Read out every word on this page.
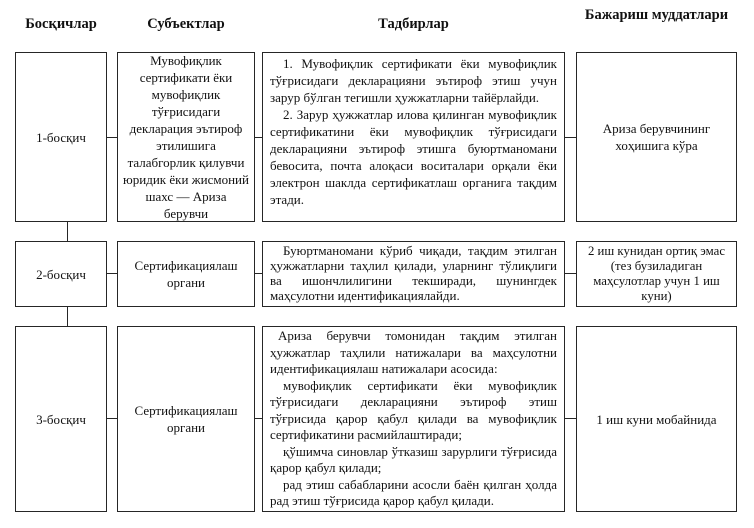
Босқичлар	Субъектлар	Тадбирлар
Бажариш муддатлари
1-босқич
Мувофиқлик сертификати ёки мувофиқлик тўғрисидаги декларация эътироф этилишига талабгорлик қилувчи юридик ёки жисмоний шахс — Ариза берувчи

1. Мувофиқлик сертификати ёки мувофиқлик тўғрисидаги декларацияни эътироф этиш учун зарур бўлган тегишли ҳужжатларни тайёрлайди.

2. Зарур ҳужжатлар илова қилинган мувофиқлик сертификатини ёки мувофиқлик тўғрисидаги декларацияни эътироф этишга буюртманомани бевосита, почта алоқаси воситалари орқали ёки электрон шаклда сертификатлаш органига тақдим этади.

Ариза берувчининг хоҳишига кўра
2-босқич
Сертификациялаш органи

Буюртманомани кўриб чиқади, тақдим этилган ҳужжатларни таҳлил қилади, уларнинг тўлиқлиги ва ишончлилигини текширади, шунингдек маҳсулотни идентификациялайди.

2 иш кунидан ортиқ эмас (тез бузиладиган маҳсулотлар учун 1 иш куни)
3-босқич
Сертификациялаш органи

Ариза берувчи томонидан тақдим этилган ҳужжатлар таҳлили натижалари ва маҳсулотни идентификациялаш натижалари асосида:

мувофиқлик сертификати ёки мувофиқлик тўғрисидаги декларацияни эътироф этиш тўғрисида қарор қабул қилади ва мувофиқлик сертификатини расмийлаштиради;

қўшимча синовлар ўтказиш зарурлиги тўғрисида қарор қабул қилади;

рад этиш сабабларини асосли баён қилган ҳолда рад этиш тўғрисида қарор қабул қилади.

1 иш куни мобайнида
